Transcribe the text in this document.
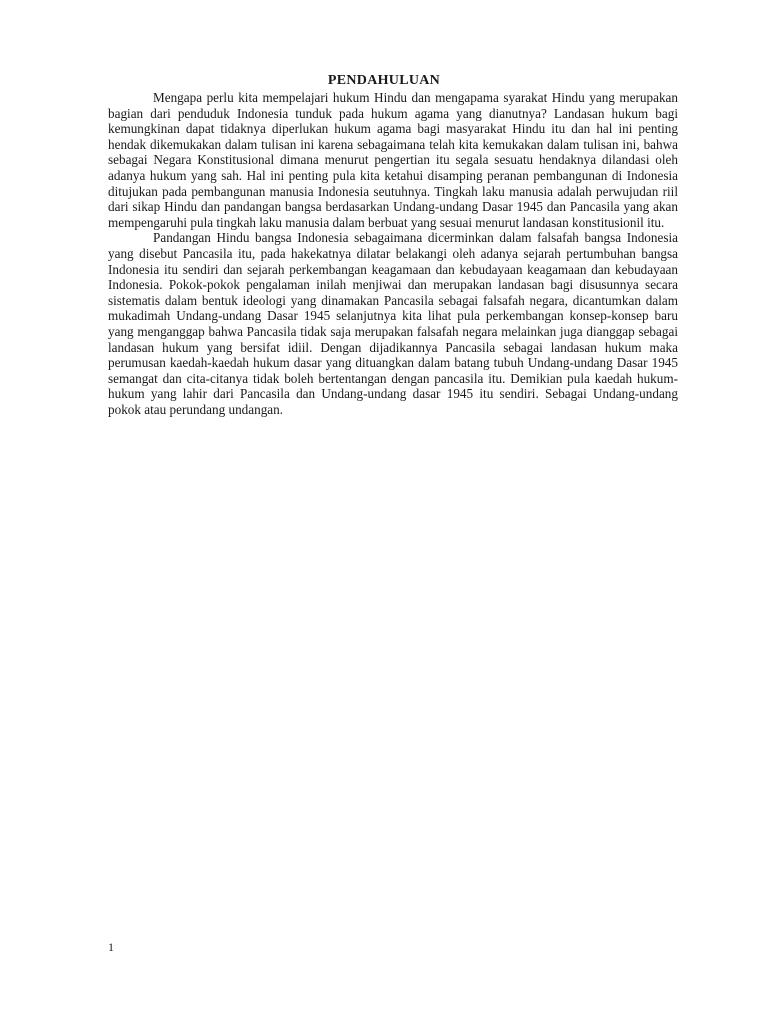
PENDAHULUAN

Mengapa perlu kita mempelajari hukum Hindu dan mengapama syarakat Hindu yang merupakan bagian dari penduduk Indonesia tunduk pada hukum agama yang dianutnya? Landasan hukum bagi kemungkinan dapat tidaknya diperlukan hukum agama bagi masyarakat Hindu itu dan hal ini penting hendak dikemukakan dalam tulisan ini karena sebagaimana telah kita kemukakan dalam tulisan ini, bahwa sebagai Negara Konstitusional dimana menurut pengertian itu segala sesuatu hendaknya dilandasi oleh adanya hukum yang sah. Hal ini penting pula kita ketahui disamping peranan pembangunan di Indonesia ditujukan pada pembangunan manusia Indonesia seutuhnya. Tingkah laku manusia adalah perwujudan riil dari sikap Hindu dan pandangan bangsa berdasarkan Undang-undang Dasar 1945 dan Pancasila yang akan mempengaruhi pula tingkah laku manusia dalam berbuat yang sesuai menurut landasan konstitusionil itu.

Pandangan Hindu bangsa Indonesia sebagaimana dicerminkan dalam falsafah bangsa Indonesia yang disebut Pancasila itu, pada hakekatnya dilatar belakangi oleh adanya sejarah pertumbuhan bangsa Indonesia itu sendiri dan sejarah perkembangan keagamaan dan kebudayaan keagamaan dan kebudayaan Indonesia. Pokok-pokok pengalaman inilah menjiwai dan merupakan landasan bagi disusunnya secara sistematis dalam bentuk ideologi yang dinamakan Pancasila sebagai falsafah negara, dicantumkan dalam mukadimah Undang-undang Dasar 1945 selanjutnya kita lihat pula perkembangan konsep-konsep baru yang menganggap bahwa Pancasila tidak saja merupakan falsafah negara melainkan juga dianggap sebagai landasan hukum yang bersifat idiil. Dengan dijadikannya Pancasila sebagai landasan hukum maka perumusan kaedah-kaedah hukum dasar yang dituangkan dalam batang tubuh Undang-undang Dasar 1945 semangat dan cita-citanya tidak boleh bertentangan dengan pancasila itu. Demikian pula kaedah hukum-hukum yang lahir dari Pancasila dan Undang-undang dasar 1945 itu sendiri. Sebagai Undang-undang pokok atau perundang undangan.

1
